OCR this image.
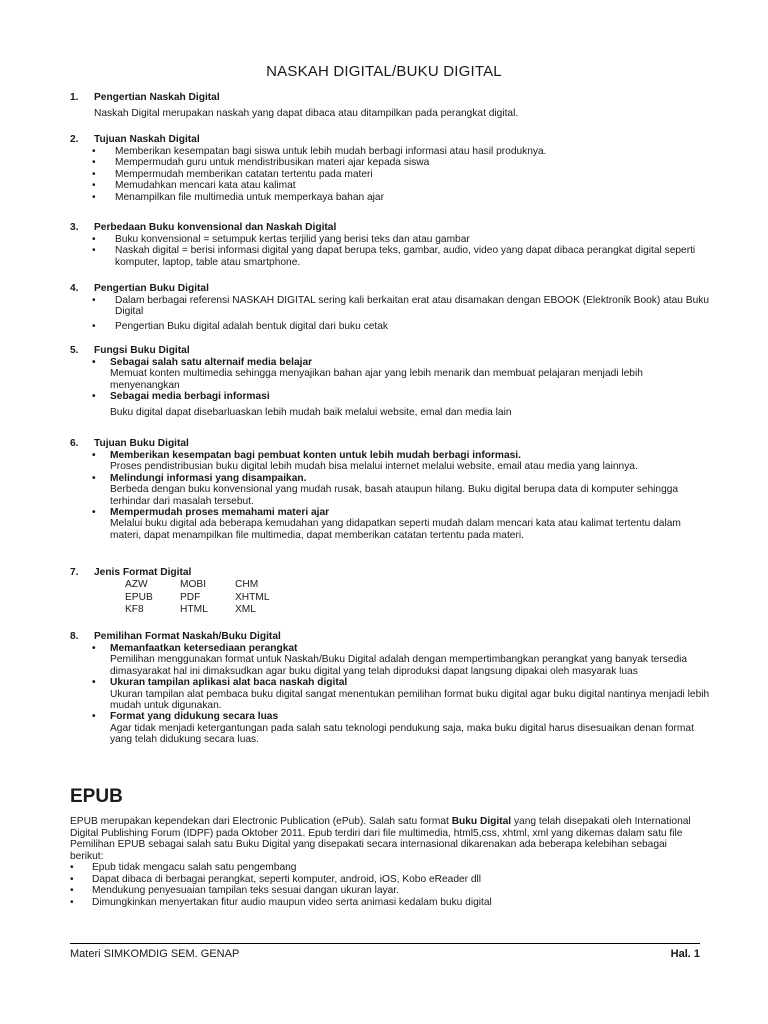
NASKAH DIGITAL/BUKU DIGITAL
1. Pengertian Naskah Digital
Naskah Digital merupakan naskah yang dapat dibaca atau ditampilkan pada perangkat digital.
2. Tujuan Naskah Digital
• Memberikan kesempatan bagi siswa untuk lebih mudah berbagi informasi atau hasil produknya.
• Mempermudah guru untuk mendistribusikan materi ajar kepada siswa
• Mempermudah memberikan catatan tertentu pada materi
• Memudahkan mencari kata atau kalimat
• Menampilkan file multimedia untuk memperkaya bahan ajar
3. Perbedaan Buku konvensional dan Naskah Digital
• Buku konvensional = setumpuk kertas terjilid yang berisi teks dan atau gambar
• Naskah digital = berisi informasi digital yang dapat berupa teks, gambar, audio, video yang dapat dibaca perangkat digital seperti komputer, laptop, table atau smartphone.
4. Pengertian Buku Digital
• Dalam berbagai referensi NASKAH DIGITAL sering kali berkaitan erat atau disamakan dengan EBOOK (Elektronik Book) atau Buku Digital
• Pengertian Buku digital adalah bentuk digital dari buku cetak
5. Fungsi Buku Digital
• Sebagai salah satu alternaif media belajar
Memuat konten multimedia sehingga menyajikan bahan ajar yang lebih menarik dan membuat pelajaran menjadi lebih menyenangkan
• Sebagai media berbagi informasi
Buku digital dapat disebarluaskan lebih mudah baik melalui website, emal dan media lain
6. Tujuan Buku Digital
• Memberikan kesempatan bagi pembuat konten untuk lebih mudah berbagi informasi.
Proses pendistribusian buku digital lebih mudah bisa melalui internet melalui website, email atau media yang lainnya.
• Melindungi informasi yang disampaikan.
Berbeda dengan buku konvensional yang mudah rusak, basah ataupun hilang. Buku digital berupa data di komputer sehingga terhindar dari masalah tersebut.
• Mempermudah proses memahami materi ajar
Melalui buku digital ada beberapa kemudahan yang didapatkan seperti mudah dalam mencari kata atau kalimat tertentu dalam materi, dapat menampilkan file multimedia, dapat memberikan catatan tertentu pada materi.
7. Jenis Format Digital
AZW	MOBI	CHM
EPUB	PDF	XHTML
KF8	HTML	XML
8. Pemilihan Format Naskah/Buku Digital
• Memanfaatkan ketersediaan perangkat
Pemilihan menggunakan format untuk Naskah/Buku Digital adalah dengan mempertimbangkan perangkat yang banyak tersedia dimasyarakat hal ini dimaksudkan agar buku digital yang telah diproduksi dapat langsung dipakai oleh masyarak luas
• Ukuran tampilan aplikasi alat baca naskah digital
Ukuran tampilan alat pembaca buku digital sangat menentukan pemilihan format buku digital agar buku digital nantinya menjadi lebih mudah untuk digunakan.
• Format yang didukung secara luas
Agar tidak menjadi ketergantungan pada salah satu teknologi pendukung saja, maka buku digital harus disesuaikan denan format yang telah didukung secara luas.
EPUB
EPUB merupakan kependekan dari Electronic Publication (ePub). Salah satu format Buku Digital yang telah disepakati oleh International Digital Publishing Forum (IDPF) pada Oktober 2011. Epub terdiri dari file multimedia, html5,css, xhtml, xml yang dikemas dalam satu file
Pemilihan EPUB sebagai salah satu Buku Digital yang disepakati secara internasional dikarenakan ada beberapa kelebihan sebagai berikut:
• Epub tidak mengacu salah satu pengembang
• Dapat dibaca di berbagai perangkat, seperti komputer, android, iOS, Kobo eReader dll
• Mendukung penyesuaian tampilan teks sesuai dangan ukuran layar.
• Dimungkinkan menyertakan fitur audio maupun video serta animasi kedalam buku digital
Materi SIMKOMDIG SEM. GENAP	Hal. 1
